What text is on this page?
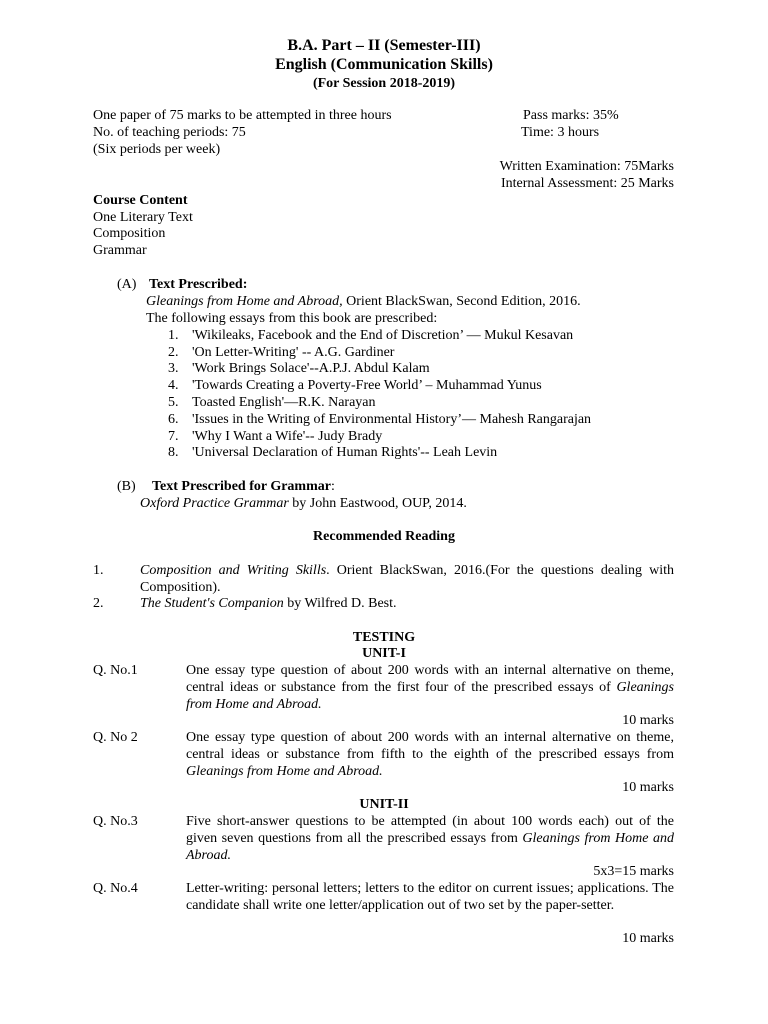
B.A. Part – II (Semester-III)
English (Communication Skills)
(For Session 2018-2019)
One paper of 75 marks to be attempted in three hours
No. of teaching periods: 75
(Six periods per week)
Pass marks: 35%
Time: 3 hours
Written Examination: 75Marks
Internal Assessment: 25 Marks
Course Content
One Literary Text
Composition
Grammar
(A) Text Prescribed:
Gleanings from Home and Abroad, Orient BlackSwan, Second Edition, 2016.
The following essays from this book are prescribed:
1. 'Wikileaks, Facebook and the End of Discretion’ — Mukul Kesavan
2. 'On Letter-Writing' -- A.G. Gardiner
3. 'Work Brings Solace'--A.P.J. Abdul Kalam
4. 'Towards Creating a Poverty-Free World’ – Muhammad Yunus
5. Toasted English'—R.K. Narayan
6. 'Issues in the Writing of Environmental History’— Mahesh Rangarajan
7. 'Why I Want a Wife'-- Judy Brady
8. 'Universal Declaration of Human Rights'-- Leah Levin
(B) Text Prescribed for Grammar:
Oxford Practice Grammar by John Eastwood, OUP, 2014.
Recommended Reading
1.	Composition and Writing Skills. Orient BlackSwan, 2016.(For the questions dealing with Composition).
2.	The Student's Companion by Wilfred D. Best.
TESTING
UNIT-I
Q. No.1	One essay type question of about 200 words with an internal alternative on theme, central ideas or substance from the first four of the prescribed essays of Gleanings from Home and Abroad.
10 marks
Q. No 2	One essay type question of about 200 words with an internal alternative on theme, central ideas or substance from fifth to the eighth of the prescribed essays from Gleanings from Home and Abroad.
10 marks
UNIT-II
Q. No.3	Five short-answer questions to be attempted (in about 100 words each) out of the given seven questions from all the prescribed essays from Gleanings from Home and Abroad.
5x3=15 marks
Q. No.4	Letter-writing: personal letters; letters to the editor on current issues; applications. The candidate shall write one letter/application out of two set by the paper-setter.
10 marks
